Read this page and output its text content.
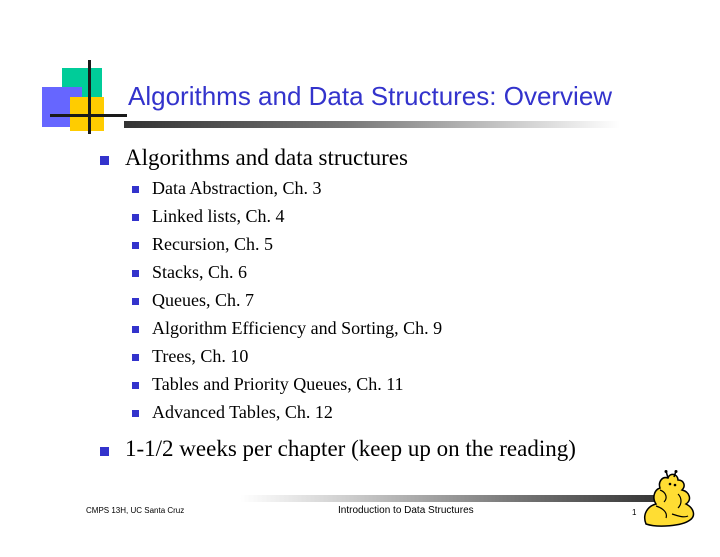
Algorithms and Data Structures: Overview
Algorithms and data structures
Data Abstraction, Ch. 3
Linked lists, Ch. 4
Recursion, Ch. 5
Stacks, Ch. 6
Queues, Ch. 7
Algorithm Efficiency and Sorting, Ch. 9
Trees, Ch. 10
Tables and Priority Queues, Ch. 11
Advanced Tables, Ch. 12
1-1/2 weeks per chapter (keep up on the reading)
CMPS 13H, UC Santa Cruz	Introduction to Data Structures	1
